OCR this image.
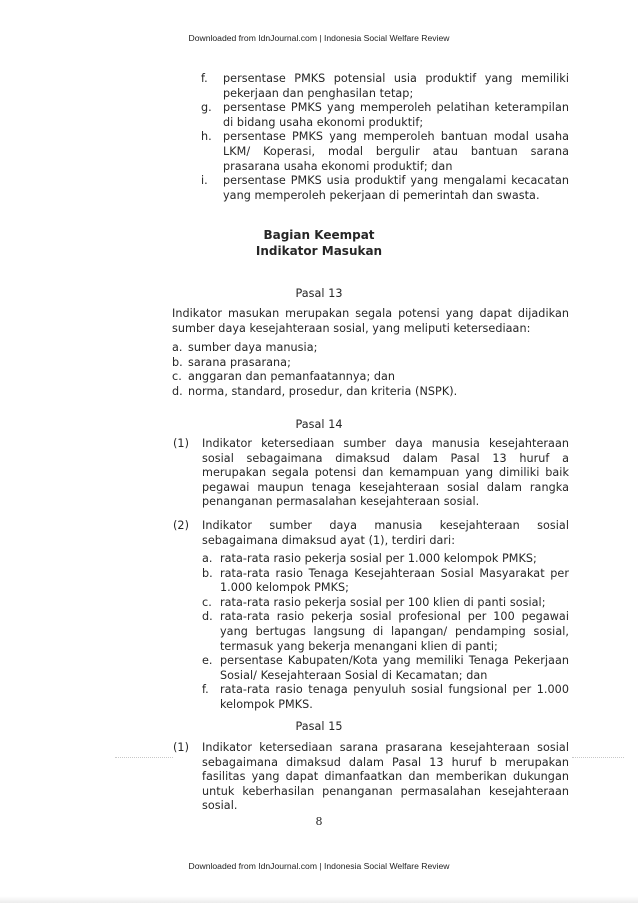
Downloaded from IdnJournal.com | Indonesia Social Welfare Review
f. persentase PMKS potensial usia produktif yang memiliki pekerjaan dan penghasilan tetap;
g. persentase PMKS yang memperoleh pelatihan keterampilan di bidang usaha ekonomi produktif;
h. persentase PMKS yang memperoleh bantuan modal usaha LKM/ Koperasi, modal bergulir atau bantuan sarana prasarana usaha ekonomi produktif; dan
i. persentase PMKS usia produktif yang mengalami kecacatan yang memperoleh pekerjaan di pemerintah dan swasta.
Bagian Keempat
Indikator Masukan
Pasal 13
Indikator masukan merupakan segala potensi yang dapat dijadikan sumber daya kesejahteraan sosial, yang meliputi ketersediaan:
a. sumber daya manusia;
b. sarana prasarana;
c. anggaran dan pemanfaatannya; dan
d. norma, standard, prosedur, dan kriteria (NSPK).
Pasal 14
(1) Indikator ketersediaan sumber daya manusia kesejahteraan sosial sebagaimana dimaksud dalam Pasal 13 huruf a merupakan segala potensi dan kemampuan yang dimiliki baik pegawai maupun tenaga kesejahteraan sosial dalam rangka penanganan permasalahan kesejahteraan sosial.
(2) Indikator sumber daya manusia kesejahteraan sosial sebagaimana dimaksud ayat (1), terdiri dari:
a. rata-rata rasio pekerja sosial per 1.000 kelompok PMKS;
b. rata-rata rasio Tenaga Kesejahteraan Sosial Masyarakat per 1.000 kelompok PMKS;
c. rata-rata rasio pekerja sosial per 100 klien di panti sosial;
d. rata-rata rasio pekerja sosial profesional per 100 pegawai yang bertugas langsung di lapangan/ pendamping sosial, termasuk yang bekerja menangani klien di panti;
e. persentase Kabupaten/Kota yang memiliki Tenaga Pekerjaan Sosial/ Kesejahteraan Sosial di Kecamatan; dan
f. rata-rata rasio tenaga penyuluh sosial fungsional per 1.000 kelompok PMKS.
Pasal 15
(1) Indikator ketersediaan sarana prasarana kesejahteraan sosial sebagaimana dimaksud dalam Pasal 13 huruf b merupakan fasilitas yang dapat dimanfaatkan dan memberikan dukungan untuk keberhasilan penanganan permasalahan kesejahteraan sosial.
8
Downloaded from IdnJournal.com | Indonesia Social Welfare Review
